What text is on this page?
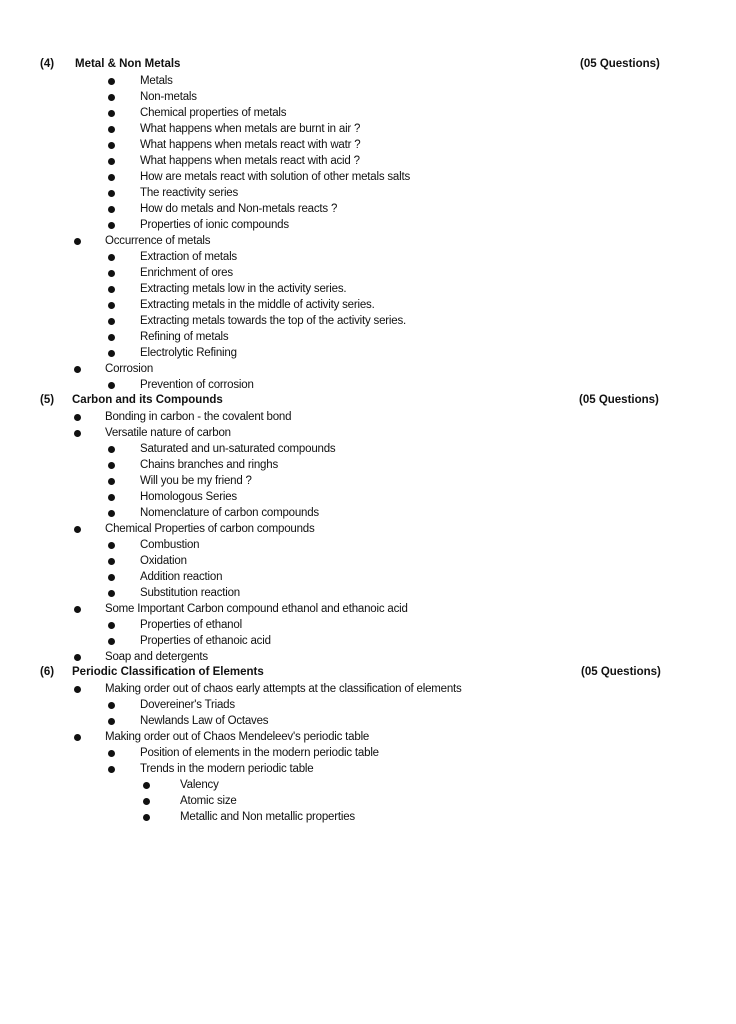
(4) Metal & Non Metals	(05 Questions)
Metals
Non-metals
Chemical properties of metals
What happens when metals are burnt in air ?
What happens when metals react with watr ?
What happens when metals react with acid ?
How are metals react with solution of other metals salts
The reactivity series
How do metals and Non-metals reacts ?
Properties of ionic compounds
Occurrence of metals
Extraction of metals
Enrichment of ores
Extracting metals low in the activity series.
Extracting metals in the middle of activity series.
Extracting metals towards the top of the activity series.
Refining of metals
Electrolytic Refining
Corrosion
Prevention of corrosion
(5) Carbon and its Compounds	(05 Questions)
Bonding in carbon - the covalent bond
Versatile nature of carbon
Saturated and un-saturated compounds
Chains branches and ringhs
Will you be my friend ?
Homologous Series
Nomenclature of carbon compounds
Chemical Properties of carbon compounds
Combustion
Oxidation
Addition reaction
Substitution reaction
Some Important Carbon compound ethanol and ethanoic acid
Properties of ethanol
Properties of ethanoic acid
Soap and detergents
(6) Periodic Classification of Elements	(05 Questions)
Making order out of chaos early attempts at the classification of elements
Dovereiner's Triads
Newlands Law of Octaves
Making order out of Chaos Mendeleev's periodic table
Position of elements in the modern periodic table
Trends in the modern periodic table
Valency
Atomic size
Metallic and Non metallic properties
